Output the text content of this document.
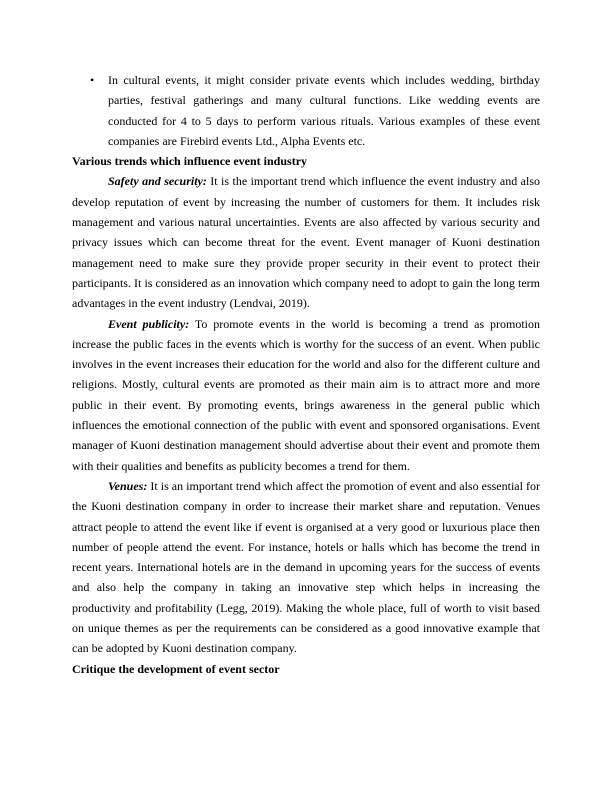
•	In cultural events, it might consider private events which includes wedding, birthday parties, festival gatherings and many cultural functions. Like wedding events are conducted for 4 to 5 days to perform various rituals. Various examples of these event companies are Firebird events Ltd., Alpha Events etc.

Various trends which influence event industry

Safety and security: It is the important trend which influence the event industry and also develop reputation of event by increasing the number of customers for them. It includes risk management and various natural uncertainties. Events are also affected by various security and privacy issues which can become threat for the event. Event manager of Kuoni destination management need to make sure they provide proper security in their event to protect their participants. It is considered as an innovation which company need to adopt to gain the long term advantages in the event industry (Lendvai, 2019).

Event publicity: To promote events in the world is becoming a trend as promotion increase the public faces in the events which is worthy for the success of an event. When public involves in the event increases their education for the world and also for the different culture and religions. Mostly, cultural events are promoted as their main aim is to attract more and more public in their event. By promoting events, brings awareness in the general public which influences the emotional connection of the public with event and sponsored organisations. Event manager of Kuoni destination management should advertise about their event and promote them with their qualities and benefits as publicity becomes a trend for them.

Venues: It is an important trend which affect the promotion of event and also essential for the Kuoni destination company in order to increase their market share and reputation. Venues attract people to attend the event like if event is organised at a very good or luxurious place then number of people attend the event. For instance, hotels or halls which has become the trend in recent years. International hotels are in the demand in upcoming years for the success of events and also help the company in taking an innovative step which helps in increasing the productivity and profitability (Legg, 2019). Making the whole place, full of worth to visit based on unique themes as per the requirements can be considered as a good innovative example that can be adopted by Kuoni destination company.

Critique the development of event sector
